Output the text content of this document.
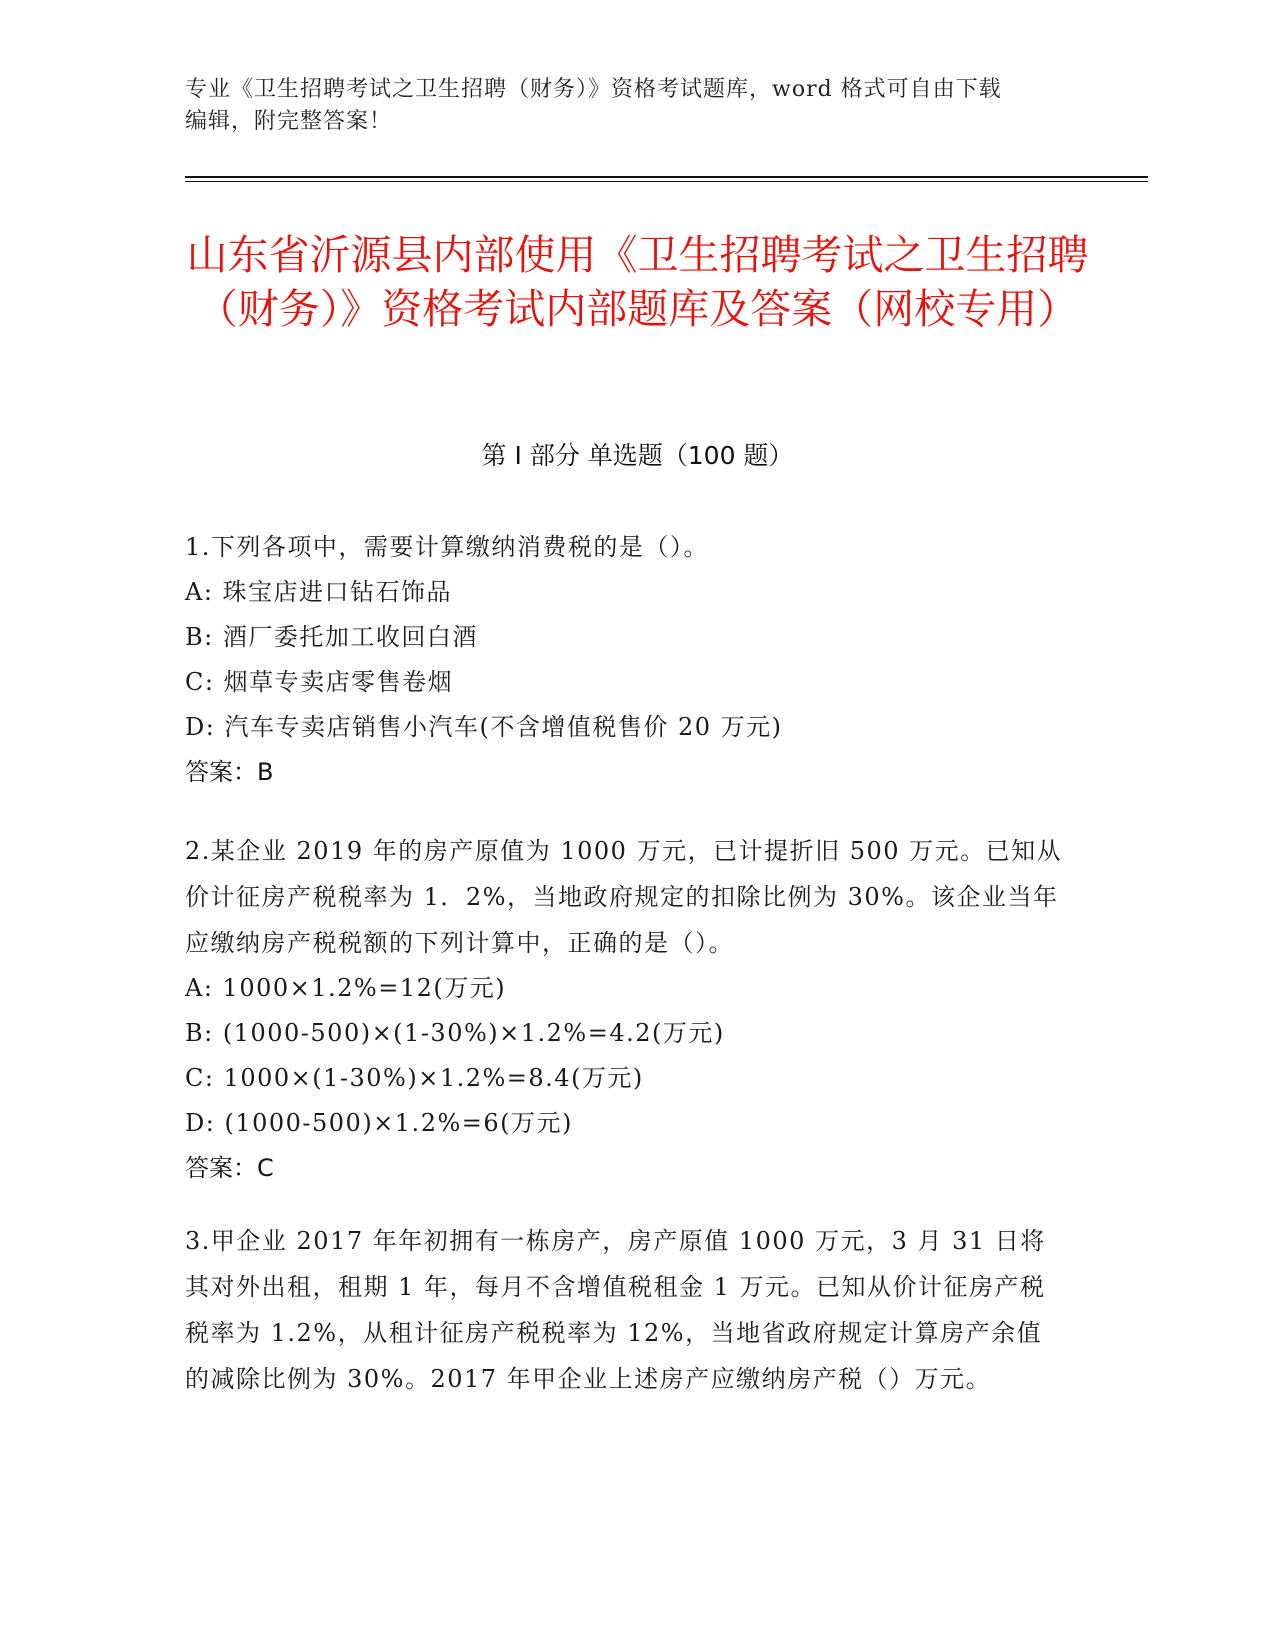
专业《卫生招聘考试之卫生招聘（财务）》资格考试题库，word 格式可自由下载
编辑，附完整答案！
山东省沂源县内部使用《卫生招聘考试之卫生招聘（财务）》资格考试内部题库及答案（网校专用）
第 I 部分 单选题（100 题）

1.下列各项中，需要计算缴纳消费税的是（）。

A: 珠宝店进口钻石饰品

B: 酒厂委托加工收回白酒

C: 烟草专卖店零售卷烟

D: 汽车专卖店销售小汽车(不含增值税售价 20 万元)

答案：B

2.某企业 2019 年的房产原值为 1000 万元，已计提折旧 500 万元。已知从价计征房产税税率为 1．2%，当地政府规定的扣除比例为 30%。该企业当年应缴纳房产税税额的下列计算中，正确的是（）。

A: 1000×1.2%=12(万元)

B: (1000-500)×(1-30%)×1.2%=4.2(万元)

C: 1000×(1-30%)×1.2%=8.4(万元)

D: (1000-500)×1.2%=6(万元)

答案：C

3.甲企业 2017 年年初拥有一栋房产，房产原值 1000 万元，3 月 31 日将其对外出租，租期 1 年，每月不含增值税租金 1 万元。已知从价计征房产税税率为 1.2%，从租计征房产税税率为 12%，当地省政府规定计算房产余值的减除比例为 30%。2017 年甲企业上述房产应缴纳房产税（）万元。
